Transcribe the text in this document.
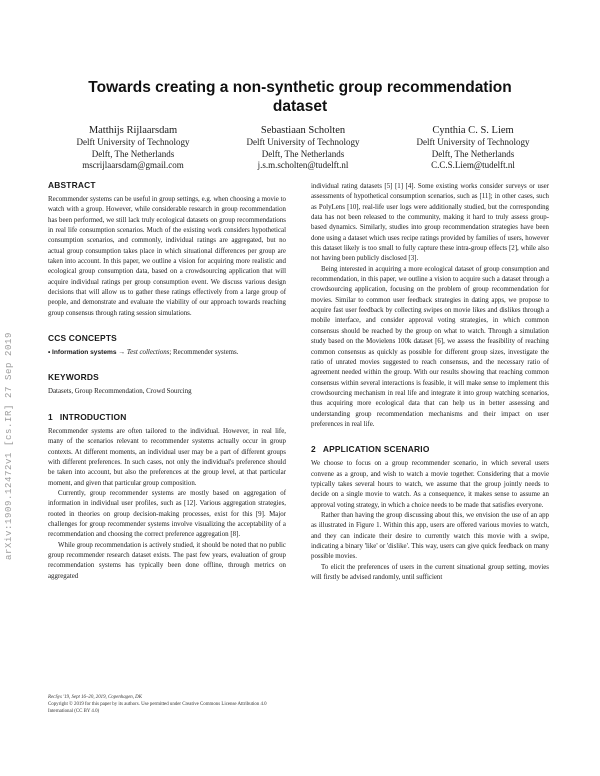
arXiv:1909.12472v1 [cs.IR] 27 Sep 2019
Towards creating a non-synthetic group recommendation dataset
Matthijs Rijlaarsdam
Delft University of Technology
Delft, The Netherlands
mscrijlaarsdam@gmail.com
Sebastiaan Scholten
Delft University of Technology
Delft, The Netherlands
j.s.m.scholten@tudelft.nl
Cynthia C. S. Liem
Delft University of Technology
Delft, The Netherlands
C.C.S.Liem@tudelft.nl
ABSTRACT

Recommender systems can be useful in group settings, e.g. when choosing a movie to watch with a group. However, while considerable research in group recommendation has been performed, we still lack truly ecological datasets on group recommendations in real life consumption scenarios. Much of the existing work considers hypothetical consumption scenarios, and commonly, individual ratings are aggregated, but no actual group consumption takes place in which situational differences per group are taken into account. In this paper, we outline a vision for acquiring more realistic and ecological group consumption data, based on a crowdsourcing application that will acquire individual ratings per group consumption event. We discuss various design decisions that will allow us to gather these ratings effectively from a large group of people, and demonstrate and evaluate the viability of our approach towards reaching group consensus through rating session simulations.

CCS CONCEPTS
• Information systems → Test collections; Recommender systems.
KEYWORDS

Datasets, Group Recommendation, Crowd Sourcing

1 INTRODUCTION

Recommender systems are often tailored to the individual. However, in real life, many of the scenarios relevant to recommender systems actually occur in group contexts. At different moments, an individual user may be a part of different groups with different preferences. In such cases, not only the individual's preference should be taken into account, but also the preferences at the group level, at that particular moment, and given that particular group composition.

Currently, group recommender systems are mostly based on aggregation of information in individual user profiles, such as [12]. Various aggregation strategies, rooted in theories on group decision-making processes, exist for this [9]. Major challenges for group recommender systems involve visualizing the acceptability of a recommendation and choosing the correct preference aggregation [8].

While group recommendation is actively studied, it should be noted that no public group recommender research dataset exists. The past few years, evaluation of group recommendation systems has typically been done offline, through metrics on aggregated

RecSys '19, Sept 16–20, 2019, Copenhagen, DK
Copyright © 2019 for this paper by its authors. Use permitted under Creative Commons License Attribution 4.0 International (CC BY 4.0)

individual rating datasets [5] [1] [4]. Some existing works consider surveys or user assessments of hypothetical consumption scenarios, such as [11]; in other cases, such as PolyLens [10], real-life user logs were additionally studied, but the corresponding data has not been released to the community, making it hard to truly assess group-based dynamics. Similarly, studies into group recommendation strategies have been done using a dataset which uses recipe ratings provided by families of users, however this dataset likely is too small to fully capture these intra-group effects [2], while also not having been publicly disclosed [3].

Being interested in acquiring a more ecological dataset of group consumption and recommendation, in this paper, we outline a vision to acquire such a dataset through a crowdsourcing application, focusing on the problem of group recommendation for movies. Similar to common user feedback strategies in dating apps, we propose to acquire fast user feedback by collecting swipes on movie likes and dislikes through a mobile interface, and consider approval voting strategies, in which common consensus should be reached by the group on what to watch. Through a simulation study based on the Movielens 100k dataset [6], we assess the feasibility of reaching common consensus as quickly as possible for different group sizes, investigate the ratio of unrated movies suggested to reach consensus, and the necessary ratio of agreement needed within the group. With our results showing that reaching common consensus within several interactions is feasible, it will make sense to implement this crowdsourcing mechanism in real life and integrate it into group watching scenarios, thus acquiring more ecological data that can help us in better assessing and understanding group recommendation mechanisms and their impact on user preferences in real life.

2 APPLICATION SCENARIO

We choose to focus on a group recommender scenario, in which several users convene as a group, and wish to watch a movie together. Considering that a movie typically takes several hours to watch, we assume that the group jointly needs to decide on a single movie to watch. As a consequence, it makes sense to assume an approval voting strategy, in which a choice needs to be made that satisfies everyone.

Rather than having the group discussing about this, we envision the use of an app as illustrated in Figure 1. Within this app, users are offered various movies to watch, and they can indicate their desire to currently watch this movie with a swipe, indicating a binary 'like' or 'dislike'. This way, users can give quick feedback on many possible movies.

To elicit the preferences of users in the current situational group setting, movies will firstly be advised randomly, until sufficient
